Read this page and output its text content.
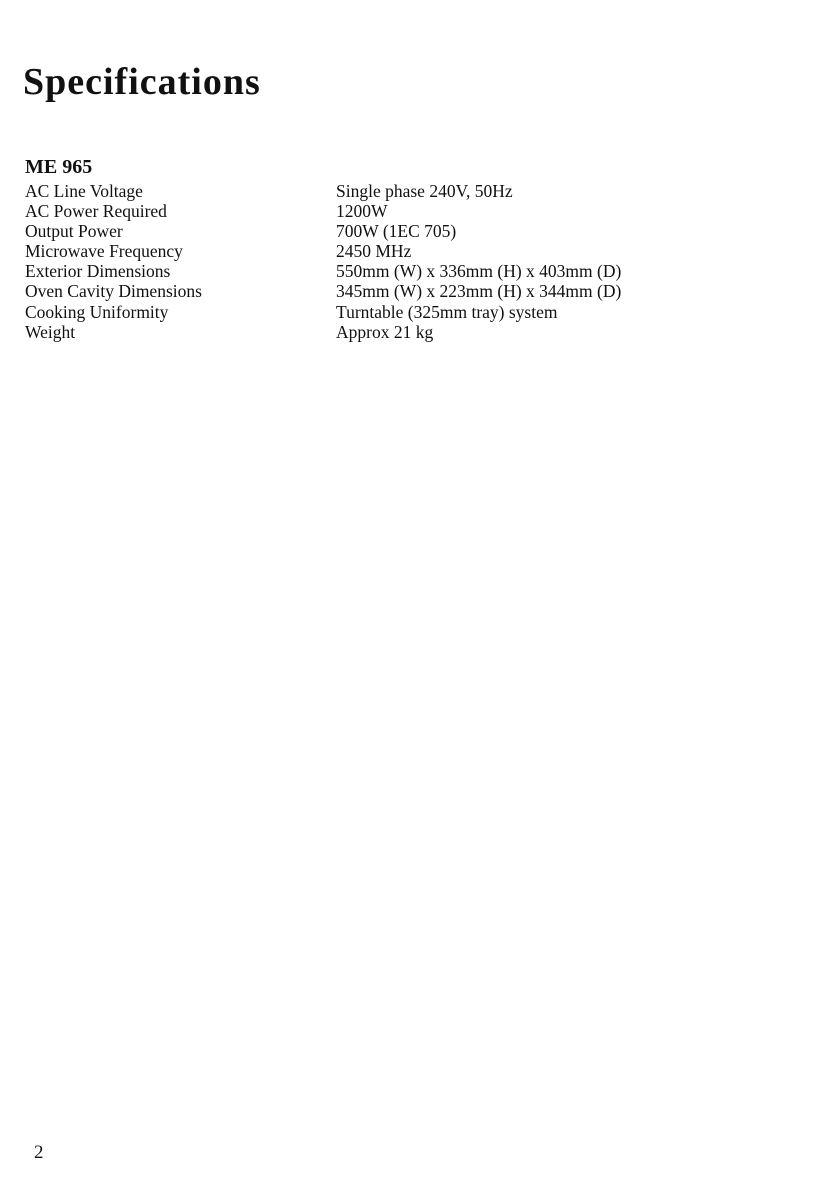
Specifications
ME 965
AC Line Voltage	Single phase 240V, 50Hz
AC Power Required	1200W
Output Power	700W (1EC 705)
Microwave Frequency	2450 MHz
Exterior Dimensions	550mm (W) x 336mm (H) x 403mm (D)
Oven Cavity Dimensions	345mm (W) x 223mm (H) x 344mm (D)
Cooking Uniformity	Turntable (325mm tray) system
Weight	Approx 21 kg
2
